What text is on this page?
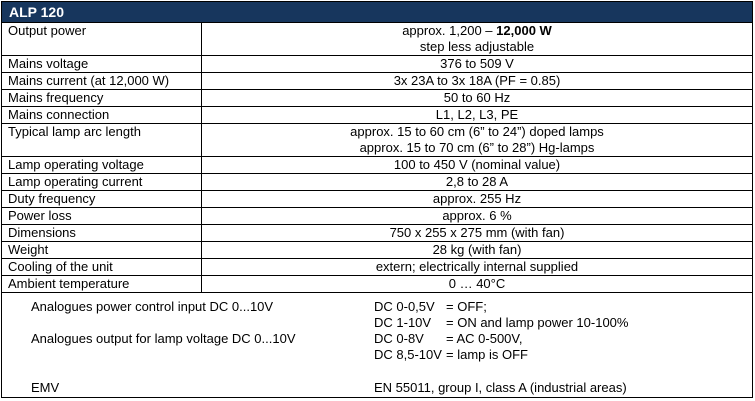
ALP 120
Output power	approx. 1,200 – 12,000 W
step less adjustable
Mains voltage	376 to 509 V
Mains current (at 12,000 W)	3x 23A to 3x 18A (PF = 0.85)
Mains frequency	50 to 60 Hz
Mains connection	L1, L2, L3, PE
Typical lamp arc length	approx. 15 to 60 cm (6” to 24”) doped lamps
approx. 15 to 70 cm (6” to 28”) Hg-lamps
Lamp operating voltage	100 to 450 V (nominal value)
Lamp operating current	2,8 to 28 A
Duty frequency	approx. 255 Hz
Power loss	approx. 6 %
Dimensions	750 x 255 x 275 mm (with fan)
Weight	28 kg (with fan)
Cooling of the unit	extern; electrically internal supplied
Ambient temperature	0 … 40°C
Analogues power control input DC 0...10V	DC 0-0,5V = OFF;
DC 1-10V = ON and lamp power 10-100%
Analogues output for lamp voltage DC 0...10V	DC 0-8V = AC 0-500V,
DC 8,5-10V = lamp is OFF
EMV	EN 55011, group I, class A (industrial areas)
